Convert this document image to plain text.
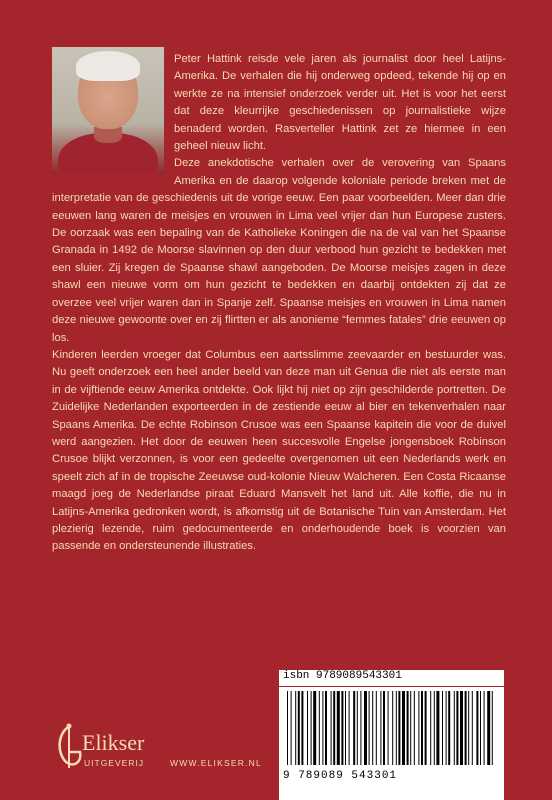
Peter Hattink reisde vele jaren als journalist door heel Latijns-Amerika. De verhalen die hij onderweg opdeed, tekende hij op en werkte ze na intensief onderzoek verder uit. Het is voor het eerst dat deze kleurrijke geschiedenissen op journalistieke wijze benaderd worden. Rasverteller Hattink zet ze hiermee in een geheel nieuw licht.

Deze anekdotische verhalen over de verovering van Spaans Amerika en de daarop volgende koloniale periode breken met de interpretatie van de geschiedenis uit de vorige eeuw. Een paar voorbeelden. Meer dan drie eeuwen lang waren de meisjes en vrouwen in Lima veel vrijer dan hun Europese zusters. De oorzaak was een bepaling van de Katholieke Koningen die na de val van het Spaanse Granada in 1492 de Moorse slavinnen op den duur verbood hun gezicht te bedekken met een sluier. Zij kregen de Spaanse shawl aangeboden. De Moorse meisjes zagen in deze shawl een nieuwe vorm om hun gezicht te bedekken en daarbij ontdekten zij dat ze overzee veel vrijer waren dan in Spanje zelf. Spaanse meisjes en vrouwen in Lima namen deze nieuwe gewoonte over en zij flirtten er als anonieme “femmes fatales” drie eeuwen op los.

Kinderen leerden vroeger dat Columbus een aartsslimme zeevaarder en bestuurder was. Nu geeft onderzoek een heel ander beeld van deze man uit Genua die niet als eerste man in de vijftiende eeuw Amerika ontdekte. Ook lijkt hij niet op zijn geschilderde portretten. De Zuidelijke Nederlanden exporteerden in de zestiende eeuw al bier en tekenverhalen naar Spaans Amerika. De echte Robinson Crusoe was een Spaanse kapitein die voor de duivel werd aangezien. Het door de eeuwen heen succesvolle Engelse jongensboek Robinson Crusoe blijkt verzonnen, is voor een gedeelte overgenomen uit een Nederlands werk en speelt zich af in de tropische Zeeuwse oud-kolonie Nieuw Walcheren. Een Costa Ricaanse maagd joeg de Nederlandse piraat Eduard Mansvelt het land uit. Alle koffie, die nu in Latijns-Amerika gedronken wordt, is afkomstig uit de Botanische Tuin van Amsterdam. Het plezierig lezende, ruim gedocumenteerde en onderhoudende boek is voorzien van passende en ondersteunende illustraties.

isbn 9789089543301
9 789089 543301
Elikser
UITGEVERIJ	WWW.ELIKSER.NL
